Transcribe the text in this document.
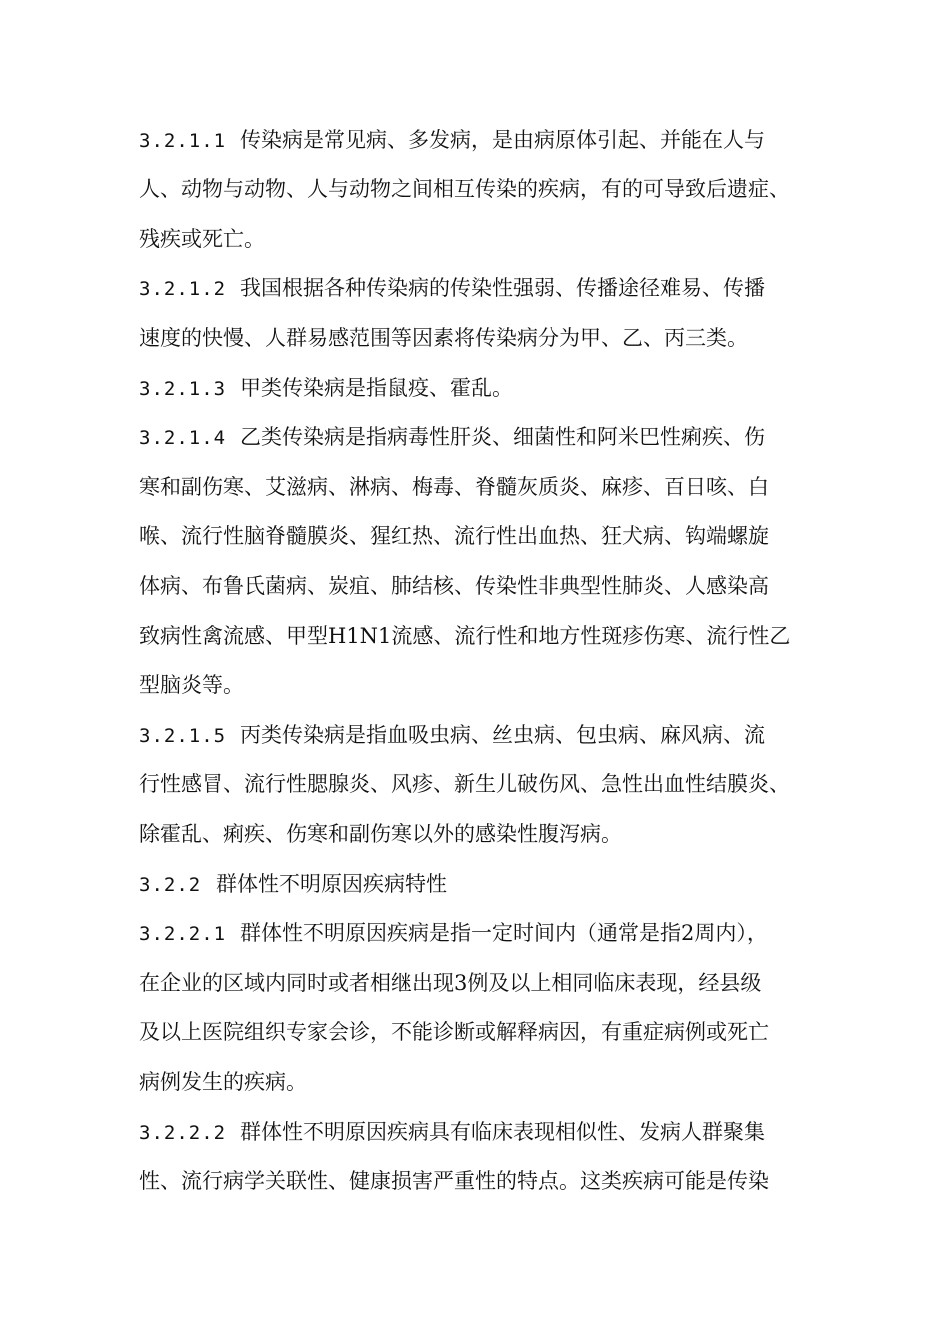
3.2.1.1 传染病是常见病、多发病，是由病原体引起、并能在人与
人、动物与动物、人与动物之间相互传染的疾病，有的可导致后遗症、
残疾或死亡。
3.2.1.2 我国根据各种传染病的传染性强弱、传播途径难易、传播
速度的快慢、人群易感范围等因素将传染病分为甲、乙、丙三类。
3.2.1.3 甲类传染病是指鼠疫、霍乱。
3.2.1.4 乙类传染病是指病毒性肝炎、细菌性和阿米巴性痢疾、伤
寒和副伤寒、艾滋病、淋病、梅毒、脊髓灰质炎、麻疹、百日咳、白
喉、流行性脑脊髓膜炎、猩红热、流行性出血热、狂犬病、钩端螺旋
体病、布鲁氏菌病、炭疽、肺结核、传染性非典型性肺炎、人感染高
致病性禽流感、甲型H1N1流感、流行性和地方性斑疹伤寒、流行性乙
型脑炎等。
3.2.1.5 丙类传染病是指血吸虫病、丝虫病、包虫病、麻风病、流
行性感冒、流行性腮腺炎、风疹、新生儿破伤风、急性出血性结膜炎、
除霍乱、痢疾、伤寒和副伤寒以外的感染性腹泻病。
3.2.2 群体性不明原因疾病特性
3.2.2.1 群体性不明原因疾病是指一定时间内（通常是指2周内），
在企业的区域内同时或者相继出现3例及以上相同临床表现，经县级
及以上医院组织专家会诊，不能诊断或解释病因，有重症病例或死亡
病例发生的疾病。
3.2.2.2 群体性不明原因疾病具有临床表现相似性、发病人群聚集
性、流行病学关联性、健康损害严重性的特点。这类疾病可能是传染
